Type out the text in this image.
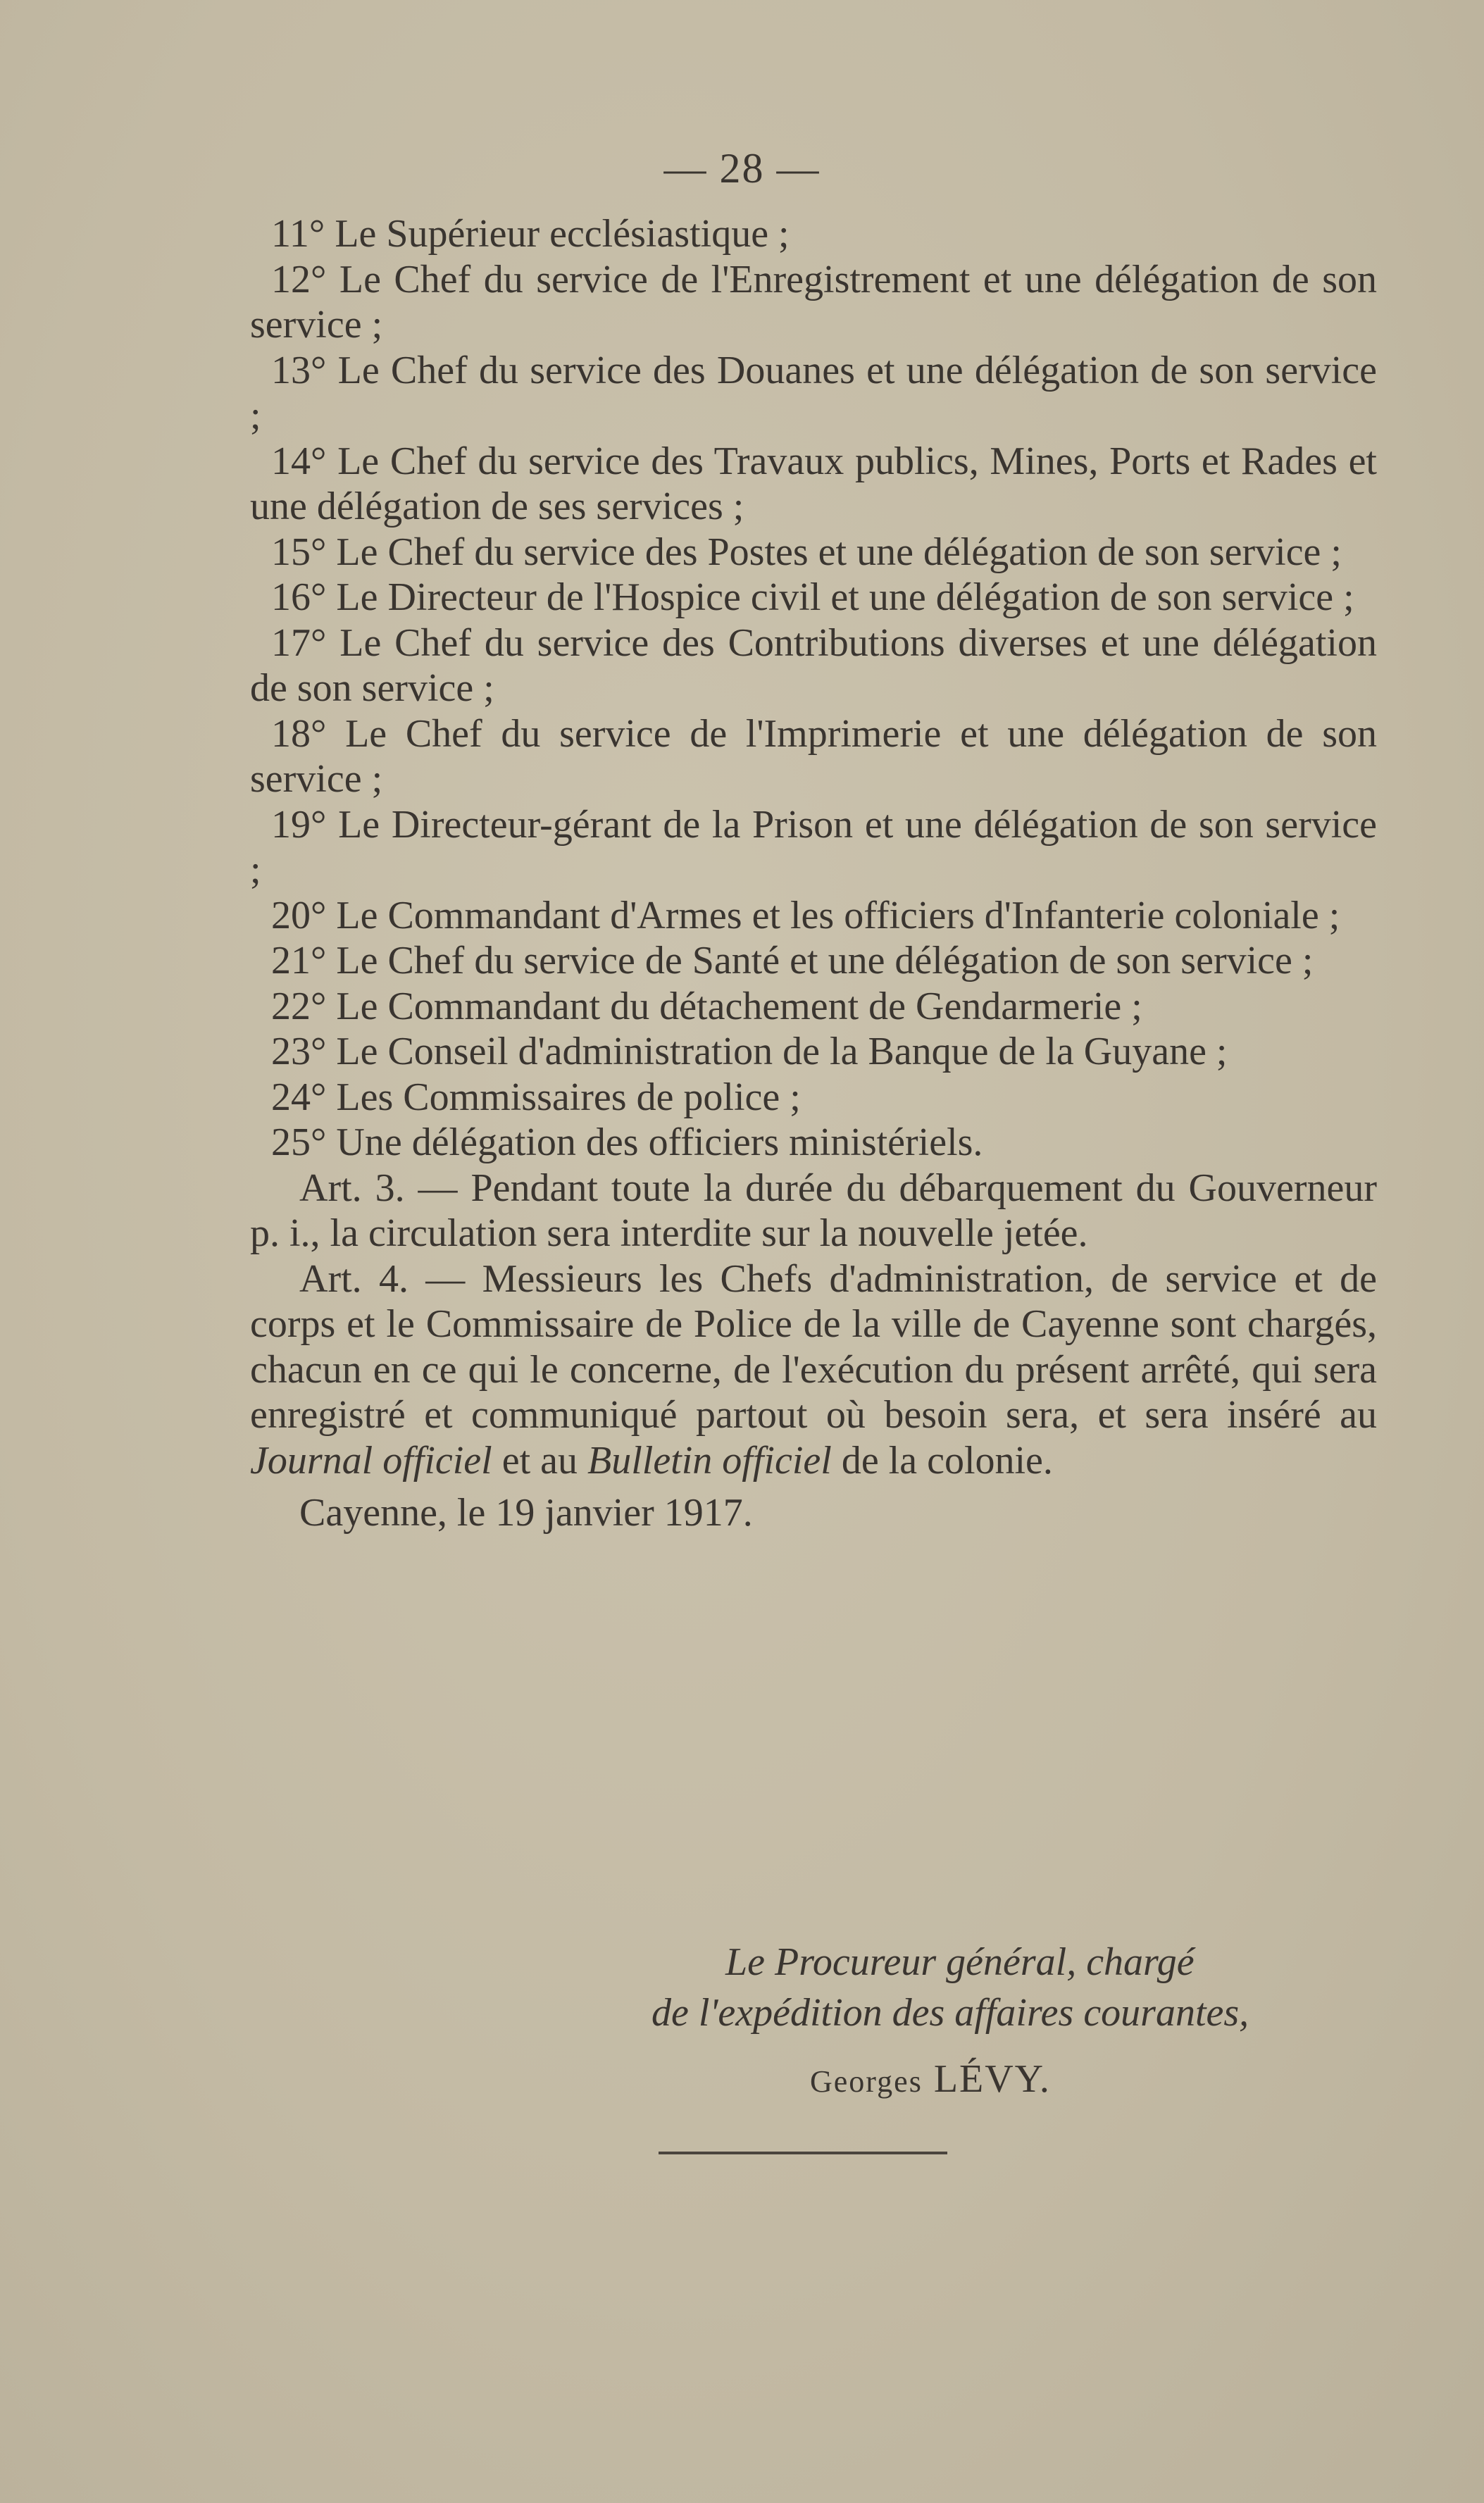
— 28 —

11° Le Supérieur ecclésiastique ;

12° Le Chef du service de l'Enregistrement et une délégation de son service ;

13° Le Chef du service des Douanes et une délégation de son service ;

14° Le Chef du service des Travaux publics, Mines, Ports et Rades et une délégation de ses services ;

15° Le Chef du service des Postes et une délégation de son service ;

16° Le Directeur de l'Hospice civil et une délégation de son service ;

17° Le Chef du service des Contributions diverses et une délégation de son service ;

18° Le Chef du service de l'Imprimerie et une délégation de son service ;

19° Le Directeur-gérant de la Prison et une délégation de son service ;

20° Le Commandant d'Armes et les officiers d'Infanterie coloniale ;

21° Le Chef du service de Santé et une délégation de son service ;

22° Le Commandant du détachement de Gendarmerie ;

23° Le Conseil d'administration de la Banque de la Guyane ;

24° Les Commissaires de police ;

25° Une délégation des officiers ministériels.

Art. 3. — Pendant toute la durée du débarquement du Gouverneur p. i., la circulation sera interdite sur la nouvelle jetée.

Art. 4. — Messieurs les Chefs d'administration, de service et de corps et le Commissaire de Police de la ville de Cayenne sont chargés, chacun en ce qui le concerne, de l'exécution du présent arrêté, qui sera enregistré et communiqué partout où besoin sera, et sera inséré au Journal officiel et au Bulletin officiel de la colonie.

Cayenne, le 19 janvier 1917.

Le Procureur général, chargé
de l'expédition des affaires courantes,
Georges LÉVY.
